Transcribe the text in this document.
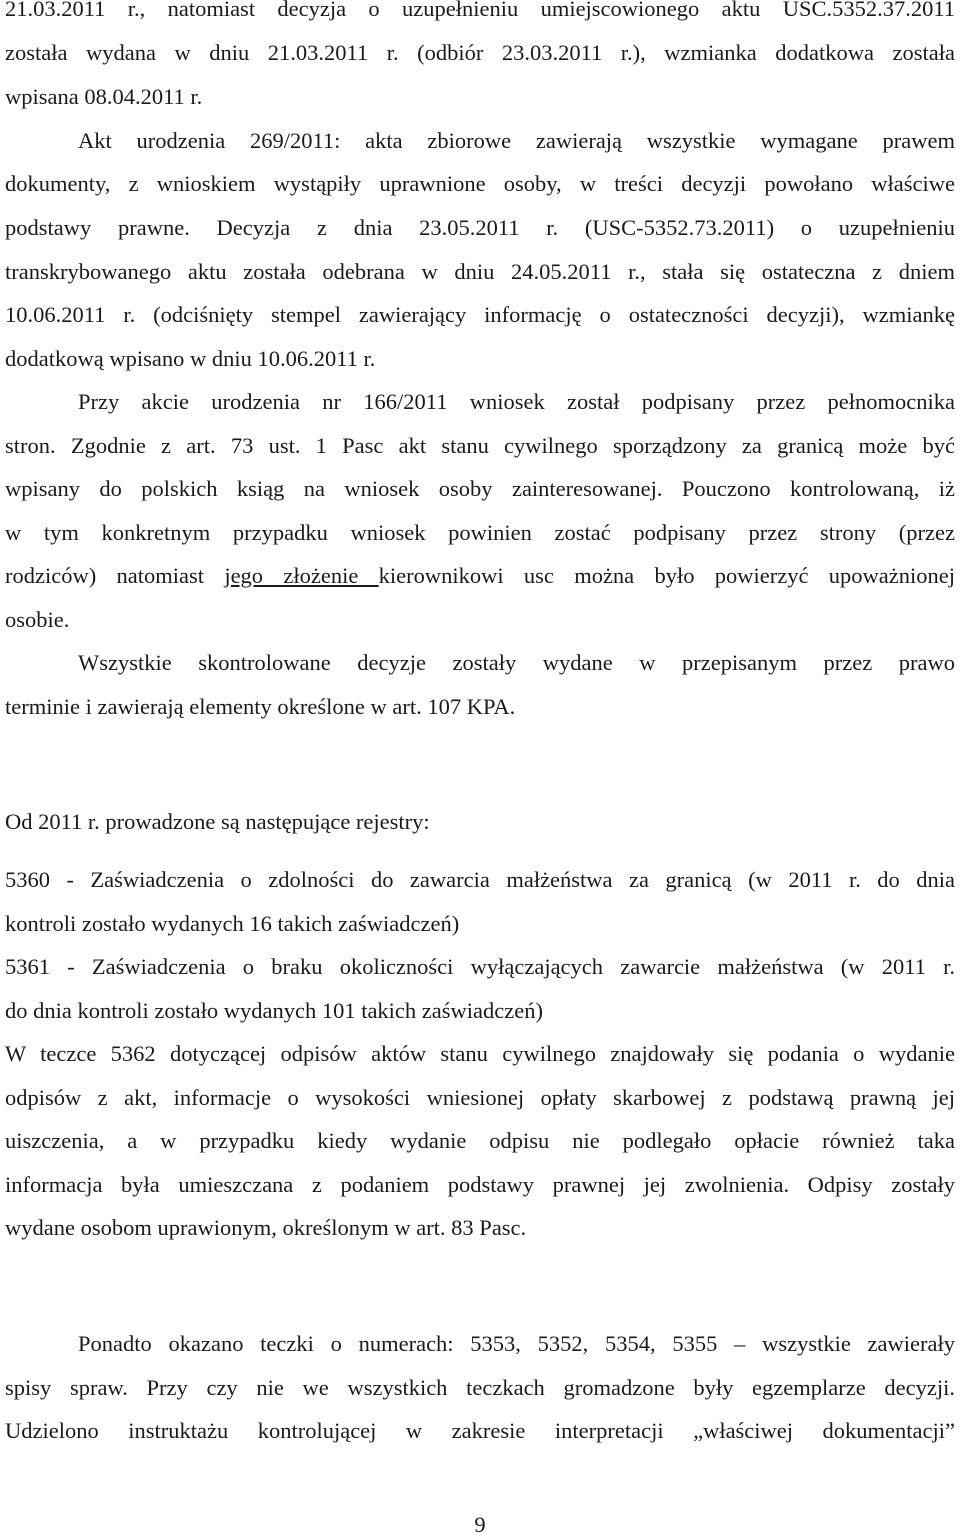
21.03.2011 r., natomiast decyzja o uzupełnieniu umiejscowionego aktu USC.5352.37.2011
została wydana w dniu 21.03.2011 r. (odbiór 23.03.2011 r.), wzmianka dodatkowa została
wpisana 08.04.2011 r.
Akt urodzenia 269/2011: akta zbiorowe zawierają wszystkie wymagane prawem
dokumenty, z wnioskiem wystąpiły uprawnione osoby, w treści decyzji powołano właściwe
podstawy prawne. Decyzja z dnia 23.05.2011 r. (USC-5352.73.2011) o uzupełnieniu
transkrybowanego aktu została odebrana w dniu 24.05.2011 r., stała się ostateczna z dniem
10.06.2011 r. (odciśnięty stempel zawierający informację o ostateczności decyzji), wzmiankę
dodatkową wpisano w dniu 10.06.2011 r.
Przy akcie urodzenia nr 166/2011 wniosek został podpisany przez pełnomocnika
stron. Zgodnie z art. 73 ust. 1 Pasc akt stanu cywilnego sporządzony za granicą może być
wpisany do polskich ksiąg na wniosek osoby zainteresowanej. Pouczono kontrolowaną, iż
w tym konkretnym przypadku wniosek powinien zostać podpisany przez strony (przez
rodziców) natomiast jego złożenie kierownikowi usc można było powierzyć upoważnionej
osobie.
Wszystkie skontrolowane decyzje zostały wydane w przepisanym przez prawo
terminie i zawierają elementy określone w art. 107 KPA.
Od 2011 r. prowadzone są następujące rejestry:
5360 - Zaświadczenia o zdolności do zawarcia małżeństwa za granicą (w 2011 r. do dnia
kontroli zostało wydanych 16 takich zaświadczeń)
5361 - Zaświadczenia o braku okoliczności wyłączających zawarcie małżeństwa (w 2011 r.
do dnia kontroli zostało wydanych 101 takich zaświadczeń)
W teczce 5362 dotyczącej odpisów aktów stanu cywilnego znajdowały się podania o wydanie
odpisów z akt, informacje o wysokości wniesionej opłaty skarbowej z podstawą prawną jej
uiszczenia, a w przypadku kiedy wydanie odpisu nie podlegało opłacie również taka
informacja była umieszczana z podaniem podstawy prawnej jej zwolnienia. Odpisy zostały
wydane osobom uprawionym, określonym w art. 83 Pasc.
Ponadto okazano teczki o numerach: 5353, 5352, 5354, 5355 – wszystkie zawierały
spisy spraw. Przy czy nie we wszystkich teczkach gromadzone były egzemplarze decyzji.
Udzielono instruktażu kontrolującej w zakresie interpretacji „właściwej dokumentacji”
9
